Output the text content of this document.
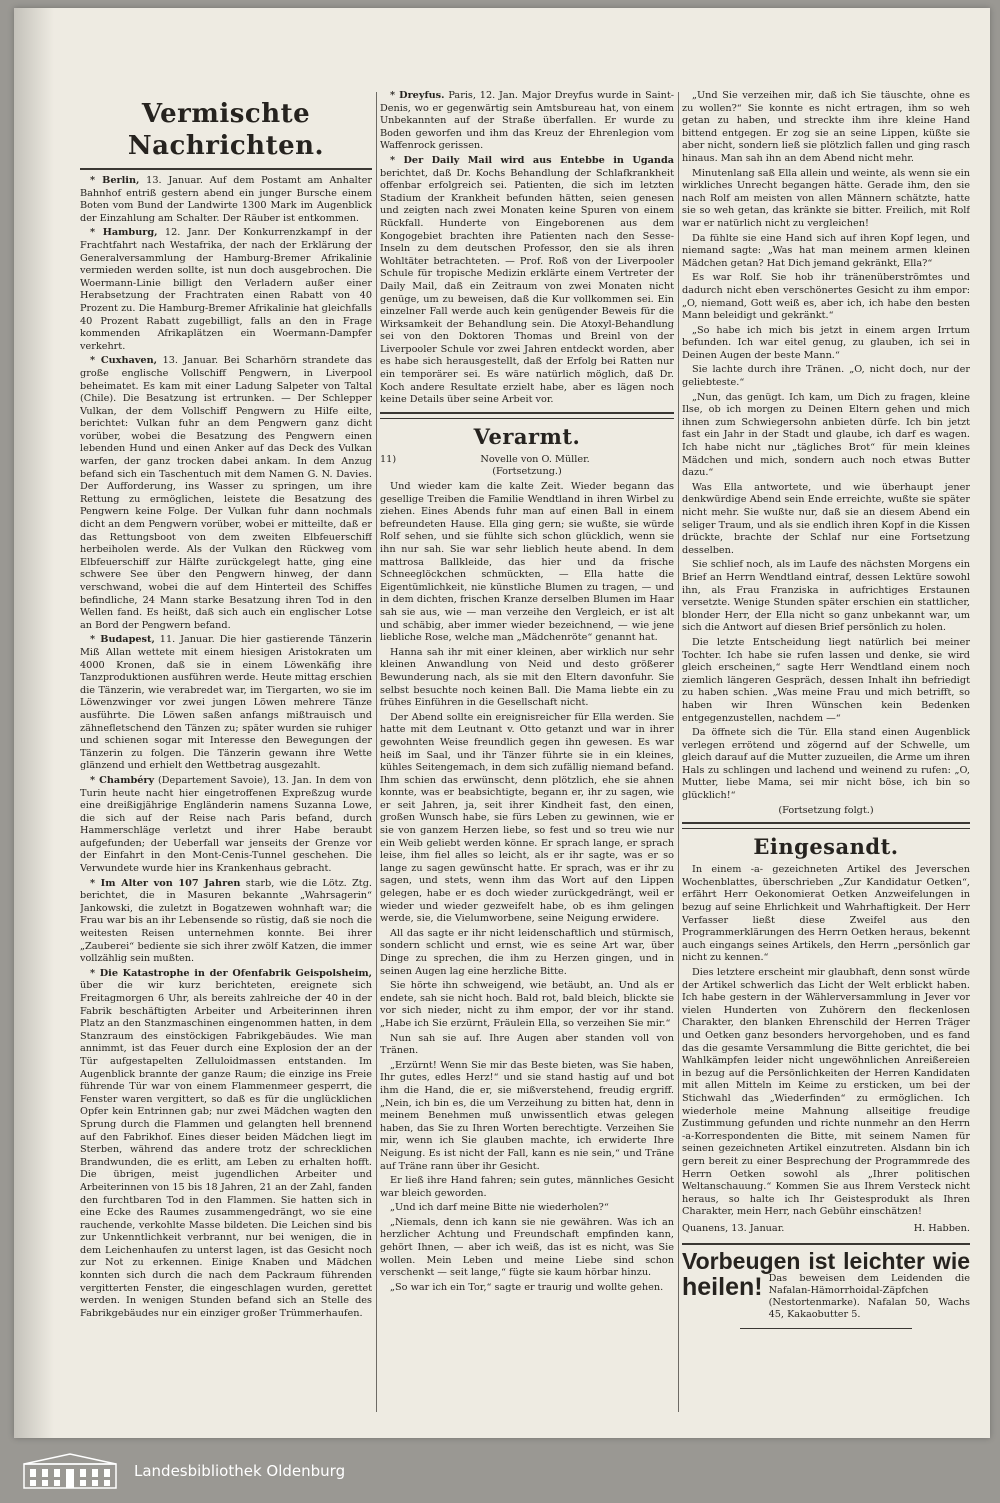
Vermischte Nachrichten.

* Berlin, 13. Januar. Auf dem Postamt am Anhalter Bahnhof entriß gestern abend ein junger Bursche einem Boten vom Bund der Landwirte 1300 Mark im Augenblick der Einzahlung am Schalter. Der Räuber ist entkommen.

* Hamburg, 12. Janr. Der Konkurrenzkampf in der Frachtfahrt nach Westafrika, der nach der Erklärung der Generalversammlung der Hamburg-Bremer Afrikalinie vermieden werden sollte, ist nun doch ausgebrochen. Die Woermann-Linie billigt den Verladern außer einer Herabsetzung der Frachtraten einen Rabatt von 40 Prozent zu. Die Hamburg-Bremer Afrikalinie hat gleichfalls 40 Prozent Rabatt zugebilligt, falls an den in Frage kommenden Afrikaplätzen ein Woermann-Dampfer verkehrt.

* Cuxhaven, 13. Januar. Bei Scharhörn strandete das große englische Vollschiff Pengwern, in Liverpool beheimatet. Es kam mit einer Ladung Salpeter von Taltal (Chile). Die Besatzung ist ertrunken. — Der Schlepper Vulkan, der dem Vollschiff Pengwern zu Hilfe eilte, berichtet: Vulkan fuhr an dem Pengwern ganz dicht vorüber, wobei die Besatzung des Pengwern einen lebenden Hund und einen Anker auf das Deck des Vulkan warfen, der ganz trocken dabei ankam. In dem Anzug befand sich ein Taschentuch mit dem Namen G. N. Davies. Der Aufforderung, ins Wasser zu springen, um ihre Rettung zu ermöglichen, leistete die Besatzung des Pengwern keine Folge. Der Vulkan fuhr dann nochmals dicht an dem Pengwern vorüber, wobei er mitteilte, daß er das Rettungsboot von dem zweiten Elbfeuerschiff herbeiholen werde. Als der Vulkan den Rückweg vom Elbfeuerschiff zur Hälfte zurückgelegt hatte, ging eine schwere See über den Pengwern hinweg, der dann verschwand, wobei die auf dem Hinterteil des Schiffes befindliche, 24 Mann starke Besatzung ihren Tod in den Wellen fand. Es heißt, daß sich auch ein englischer Lotse an Bord der Pengwern befand.

* Budapest, 11. Januar. Die hier gastierende Tänzerin Miß Allan wettete mit einem hiesigen Aristokraten um 4000 Kronen, daß sie in einem Löwenkäfig ihre Tanzproduktionen ausführen werde. Heute mittag erschien die Tänzerin, wie verabredet war, im Tiergarten, wo sie im Löwenzwinger vor zwei jungen Löwen mehrere Tänze ausführte. Die Löwen saßen anfangs mißtrauisch und zähnefletschend den Tänzen zu; später wurden sie ruhiger und schienen sogar mit Interesse den Bewegungen der Tänzerin zu folgen. Die Tänzerin gewann ihre Wette glänzend und erhielt den Wettbetrag ausgezahlt.

* Chambéry (Departement Savoie), 13. Jan. In dem von Turin heute nacht hier eingetroffenen Expreßzug wurde eine dreißigjährige Engländerin namens Suzanna Lowe, die sich auf der Reise nach Paris befand, durch Hammerschläge verletzt und ihrer Habe beraubt aufgefunden; der Ueberfall war jenseits der Grenze vor der Einfahrt in den Mont-Cenis-Tunnel geschehen. Die Verwundete wurde hier ins Krankenhaus gebracht.

* Im Alter von 107 Jahren starb, wie die Lötz. Ztg. berichtet, die in Masuren bekannte „Wahrsagerin“ Jankowski, die zuletzt in Bogatzewen wohnhaft war; die Frau war bis an ihr Lebensende so rüstig, daß sie noch die weitesten Reisen unternehmen konnte. Bei ihrer „Zauberei“ bediente sie sich ihrer zwölf Katzen, die immer vollzählig sein mußten.

* Die Katastrophe in der Ofenfabrik Geispolsheim, über die wir kurz berichteten, ereignete sich Freitagmorgen 6 Uhr, als bereits zahlreiche der 40 in der Fabrik beschäftigten Arbeiter und Arbeiterinnen ihren Platz an den Stanzmaschinen eingenommen hatten, in dem Stanzraum des einstöckigen Fabrikgebäudes. Wie man annimmt, ist das Feuer durch eine Explosion der an der Tür aufgestapelten Zelluloidmassen entstanden. Im Augenblick brannte der ganze Raum; die einzige ins Freie führende Tür war von einem Flammenmeer gesperrt, die Fenster waren vergittert, so daß es für die unglücklichen Opfer kein Entrinnen gab; nur zwei Mädchen wagten den Sprung durch die Flammen und gelangten hell brennend auf den Fabrikhof. Eines dieser beiden Mädchen liegt im Sterben, während das andere trotz der schrecklichen Brandwunden, die es erlitt, am Leben zu erhalten hofft. Die übrigen, meist jugendlichen Arbeiter und Arbeiterinnen von 15 bis 18 Jahren, 21 an der Zahl, fanden den furchtbaren Tod in den Flammen. Sie hatten sich in eine Ecke des Raumes zusammengedrängt, wo sie eine rauchende, verkohlte Masse bildeten. Die Leichen sind bis zur Unkenntlichkeit verbrannt, nur bei wenigen, die in dem Leichenhaufen zu unterst lagen, ist das Gesicht noch zur Not zu erkennen. Einige Knaben und Mädchen konnten sich durch die nach dem Packraum führenden vergitterten Fenster, die eingeschlagen wurden, gerettet werden. In wenigen Stunden befand sich an Stelle des Fabrikgebäudes nur ein einziger großer Trümmerhaufen.

* Dreyfus. Paris, 12. Jan. Major Dreyfus wurde in Saint-Denis, wo er gegenwärtig sein Amtsbureau hat, von einem Unbekannten auf der Straße überfallen. Er wurde zu Boden geworfen und ihm das Kreuz der Ehrenlegion vom Waffenrock gerissen.

* Der Daily Mail wird aus Entebbe in Uganda berichtet, daß Dr. Kochs Behandlung der Schlafkrankheit offenbar erfolgreich sei. Patienten, die sich im letzten Stadium der Krankheit befunden hätten, seien genesen und zeigten nach zwei Monaten keine Spuren von einem Rückfall. Hunderte von Eingeborenen aus dem Kongogebiet brachten ihre Patienten nach den Sesse-Inseln zu dem deutschen Professor, den sie als ihren Wohltäter betrachteten. — Prof. Roß von der Liverpooler Schule für tropische Medizin erklärte einem Vertreter der Daily Mail, daß ein Zeitraum von zwei Monaten nicht genüge, um zu beweisen, daß die Kur vollkommen sei. Ein einzelner Fall werde auch kein genügender Beweis für die Wirksamkeit der Behandlung sein. Die Atoxyl-Behandlung sei von den Doktoren Thomas und Breinl von der Liverpooler Schule vor zwei Jahren entdeckt worden, aber es habe sich herausgestellt, daß der Erfolg bei Ratten nur ein temporärer sei. Es wäre natürlich möglich, daß Dr. Koch andere Resultate erzielt habe, aber es lägen noch keine Details über seine Arbeit vor.

Verarmt.
11)	Novelle von O. Müller.

(Fortsetzung.)

Und wieder kam die kalte Zeit. Wieder begann das gesellige Treiben die Familie Wendtland in ihren Wirbel zu ziehen. Eines Abends fuhr man auf einen Ball in einem befreundeten Hause. Ella ging gern; sie wußte, sie würde Rolf sehen, und sie fühlte sich schon glücklich, wenn sie ihn nur sah. Sie war sehr lieblich heute abend. In dem mattrosa Ballkleide, das hier und da frische Schneeglöckchen schmückten, — Ella hatte die Eigentümlichkeit, nie künstliche Blumen zu tragen, — und in dem dichten, frischen Kranze derselben Blumen im Haar sah sie aus, wie — man verzeihe den Vergleich, er ist alt und schäbig, aber immer wieder bezeichnend, — wie jene liebliche Rose, welche man „Mädchenröte“ genannt hat.

Hanna sah ihr mit einer kleinen, aber wirklich nur sehr kleinen Anwandlung von Neid und desto größerer Bewunderung nach, als sie mit den Eltern davonfuhr. Sie selbst besuchte noch keinen Ball. Die Mama liebte ein zu frühes Einführen in die Gesellschaft nicht.

Der Abend sollte ein ereignisreicher für Ella werden. Sie hatte mit dem Leutnant v. Otto getanzt und war in ihrer gewohnten Weise freundlich gegen ihn gewesen. Es war heiß im Saal, und ihr Tänzer führte sie in ein kleines, kühles Seitengemach, in dem sich zufällig niemand befand. Ihm schien das erwünscht, denn plötzlich, ehe sie ahnen konnte, was er beabsichtigte, begann er, ihr zu sagen, wie er seit Jahren, ja, seit ihrer Kindheit fast, den einen, großen Wunsch habe, sie fürs Leben zu gewinnen, wie er sie von ganzem Herzen liebe, so fest und so treu wie nur ein Weib geliebt werden könne. Er sprach lange, er sprach leise, ihm fiel alles so leicht, als er ihr sagte, was er so lange zu sagen gewünscht hatte. Er sprach, was er ihr zu sagen, und stets, wenn ihm das Wort auf den Lippen gelegen, habe er es doch wieder zurückgedrängt, weil er wieder und wieder gezweifelt habe, ob es ihm gelingen werde, sie, die Vielumworbene, seine Neigung erwidere.

All das sagte er ihr nicht leidenschaftlich und stürmisch, sondern schlicht und ernst, wie es seine Art war, über Dinge zu sprechen, die ihm zu Herzen gingen, und in seinen Augen lag eine herzliche Bitte.

Sie hörte ihn schweigend, wie betäubt, an. Und als er endete, sah sie nicht hoch. Bald rot, bald bleich, blickte sie vor sich nieder, nicht zu ihm empor, der vor ihr stand. „Habe ich Sie erzürnt, Fräulein Ella, so verzeihen Sie mir.“

Nun sah sie auf. Ihre Augen aber standen voll von Tränen.

„Erzürnt! Wenn Sie mir das Beste bieten, was Sie haben, Ihr gutes, edles Herz!“ und sie stand hastig auf und bot ihm die Hand, die er, sie mißverstehend, freudig ergriff. „Nein, ich bin es, die um Verzeihung zu bitten hat, denn in meinem Benehmen muß unwissentlich etwas gelegen haben, das Sie zu Ihren Worten berechtigte. Verzeihen Sie mir, wenn ich Sie glauben machte, ich erwiderte Ihre Neigung. Es ist nicht der Fall, kann es nie sein,“ und Träne auf Träne rann über ihr Gesicht.

Er ließ ihre Hand fahren; sein gutes, männliches Gesicht war bleich geworden.

„Und ich darf meine Bitte nie wiederholen?“

„Niemals, denn ich kann sie nie gewähren. Was ich an herzlicher Achtung und Freundschaft empfinden kann, gehört Ihnen, — aber ich weiß, das ist es nicht, was Sie wollen. Mein Leben und meine Liebe sind schon verschenkt — seit lange,“ fügte sie kaum hörbar hinzu.

„So war ich ein Tor,“ sagte er traurig und wollte gehen.

„Und Sie verzeihen mir, daß ich Sie täuschte, ohne es zu wollen?“ Sie konnte es nicht ertragen, ihm so weh getan zu haben, und streckte ihm ihre kleine Hand bittend entgegen. Er zog sie an seine Lippen, küßte sie aber nicht, sondern ließ sie plötzlich fallen und ging rasch hinaus. Man sah ihn an dem Abend nicht mehr.

Minutenlang saß Ella allein und weinte, als wenn sie ein wirkliches Unrecht begangen hätte. Gerade ihm, den sie nach Rolf am meisten von allen Männern schätzte, hatte sie so weh getan, das kränkte sie bitter. Freilich, mit Rolf war er natürlich nicht zu vergleichen!

Da fühlte sie eine Hand sich auf ihren Kopf legen, und niemand sagte: „Was hat man meinem armen kleinen Mädchen getan? Hat Dich jemand gekränkt, Ella?“

Es war Rolf. Sie hob ihr tränenüberströmtes und dadurch nicht eben verschönertes Gesicht zu ihm empor: „O, niemand, Gott weiß es, aber ich, ich habe den besten Mann beleidigt und gekränkt.“

„So habe ich mich bis jetzt in einem argen Irrtum befunden. Ich war eitel genug, zu glauben, ich sei in Deinen Augen der beste Mann.“

Sie lachte durch ihre Tränen. „O, nicht doch, nur der geliebteste.“

„Nun, das genügt. Ich kam, um Dich zu fragen, kleine Ilse, ob ich morgen zu Deinen Eltern gehen und mich ihnen zum Schwiegersohn anbieten dürfe. Ich bin jetzt fast ein Jahr in der Stadt und glaube, ich darf es wagen. Ich habe nicht nur „tägliches Brot“ für mein kleines Mädchen und mich, sondern auch noch etwas Butter dazu.“

Was Ella antwortete, und wie überhaupt jener denkwürdige Abend sein Ende erreichte, wußte sie später nicht mehr. Sie wußte nur, daß sie an diesem Abend ein seliger Traum, und als sie endlich ihren Kopf in die Kissen drückte, brachte der Schlaf nur eine Fortsetzung desselben.

Sie schlief noch, als im Laufe des nächsten Morgens ein Brief an Herrn Wendtland eintraf, dessen Lektüre sowohl ihn, als Frau Franziska in aufrichtiges Erstaunen versetzte. Wenige Stunden später erschien ein stattlicher, blonder Herr, der Ella nicht so ganz unbekannt war, um sich die Antwort auf diesen Brief persönlich zu holen.

Die letzte Entscheidung liegt natürlich bei meiner Tochter. Ich habe sie rufen lassen und denke, sie wird gleich erscheinen,“ sagte Herr Wendtland einem noch ziemlich längeren Gespräch, dessen Inhalt ihn befriedigt zu haben schien. „Was meine Frau und mich betrifft, so haben wir Ihren Wünschen kein Bedenken entgegenzustellen, nachdem —“

Da öffnete sich die Tür. Ella stand einen Augenblick verlegen errötend und zögernd auf der Schwelle, um gleich darauf auf die Mutter zuzueilen, die Arme um ihren Hals zu schlingen und lachend und weinend zu rufen: „O, Mutter, liebe Mama, sei mir nicht böse, ich bin so glücklich!“

(Fortsetzung folgt.)

Eingesandt.

In einem -a- gezeichneten Artikel des Jeverschen Wochenblattes, überschrieben „Zur Kandidatur Oetken“, erfährt Herr Oekonomierat Oetken Anzweifelungen in bezug auf seine Ehrlichkeit und Wahrhaftigkeit. Der Herr Verfasser ließt diese Zweifel aus den Programmerklärungen des Herrn Oetken heraus, bekennt auch eingangs seines Artikels, den Herrn „persönlich gar nicht zu kennen.“

Dies letztere erscheint mir glaubhaft, denn sonst würde der Artikel schwerlich das Licht der Welt erblickt haben. Ich habe gestern in der Wählerversammlung in Jever vor vielen Hunderten von Zuhörern den fleckenlosen Charakter, den blanken Ehrenschild der Herren Träger und Oetken ganz besonders hervorgehoben, und es fand das die gesamte Versammlung die Bitte gerichtet, die bei Wahlkämpfen leider nicht ungewöhnlichen Anreißereien in bezug auf die Persönlichkeiten der Herren Kandidaten mit allen Mitteln im Keime zu ersticken, um bei der Stichwahl das „Wiederfinden“ zu ermöglichen. Ich wiederhole meine Mahnung allseitige freudige Zustimmung gefunden und richte nunmehr an den Herrn -a-Korrespondenten die Bitte, mit seinem Namen für seinen gezeichneten Artikel einzutreten. Alsdann bin ich gern bereit zu einer Besprechung der Programmrede des Herrn Oetken sowohl als „Ihrer politischen Weltanschauung.“ Kommen Sie aus Ihrem Versteck nicht heraus, so halte ich Ihr Geistesprodukt als Ihren Charakter, mein Herr, nach Gebühr einschätzen!

Quanens, 13. Januar.	H. Habben.
Vorbeugen ist leichter wie
heilen! Das beweisen dem Leidenden die Nafalan-Hämorrhoidal-Zäpfchen (Nestortenmarke). Nafalan 50, Wachs 45, Kakaobutter 5.
Landesbibliothek Oldenburg
